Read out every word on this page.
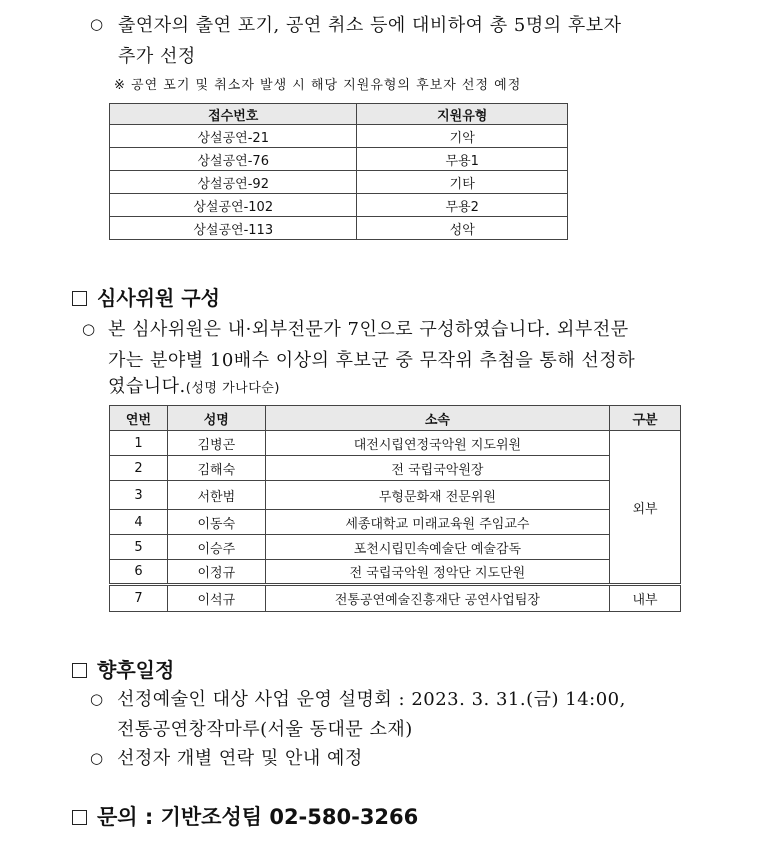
○ 출연자의 출연 포기, 공연 취소 등에 대비하여 총 5명의 후보자
추가 선정
※ 공연 포기 및 취소자 발생 시 해당 지원유형의 후보자 선정 예정
접수번호	지원유형
상설공연-21	기악
상설공연-76	무용1
상설공연-92	기타
상설공연-102	무용2
상설공연-113	성악
심사위원 구성
○ 본 심사위원은 내·외부전문가 7인으로 구성하였습니다. 외부전문
가는 분야별 10배수 이상의 후보군 중 무작위 추첨을 통해 선정하
였습니다.(성명 가나다순)
연번	성명	소속	구분
1	김병곤	대전시립연정국악원 지도위원	외부
2	김해숙	전 국립국악원장	
3	서한범	무형문화재 전문위원	
4	이동숙	세종대학교 미래교육원 주임교수	
5	이승주	포천시립민속예술단 예술감독	
6	이정규	전 국립국악원 정악단 지도단원	
7	이석규	전통공연예술진흥재단 공연사업팀장	내부
향후일정
○ 선정예술인 대상 사업 운영 설명회 : 2023. 3. 31.(금) 14:00,
전통공연창작마루(서울 동대문 소재)
○ 선정자 개별 연락 및 안내 예정
문의 : 기반조성팀 02-580-3266
